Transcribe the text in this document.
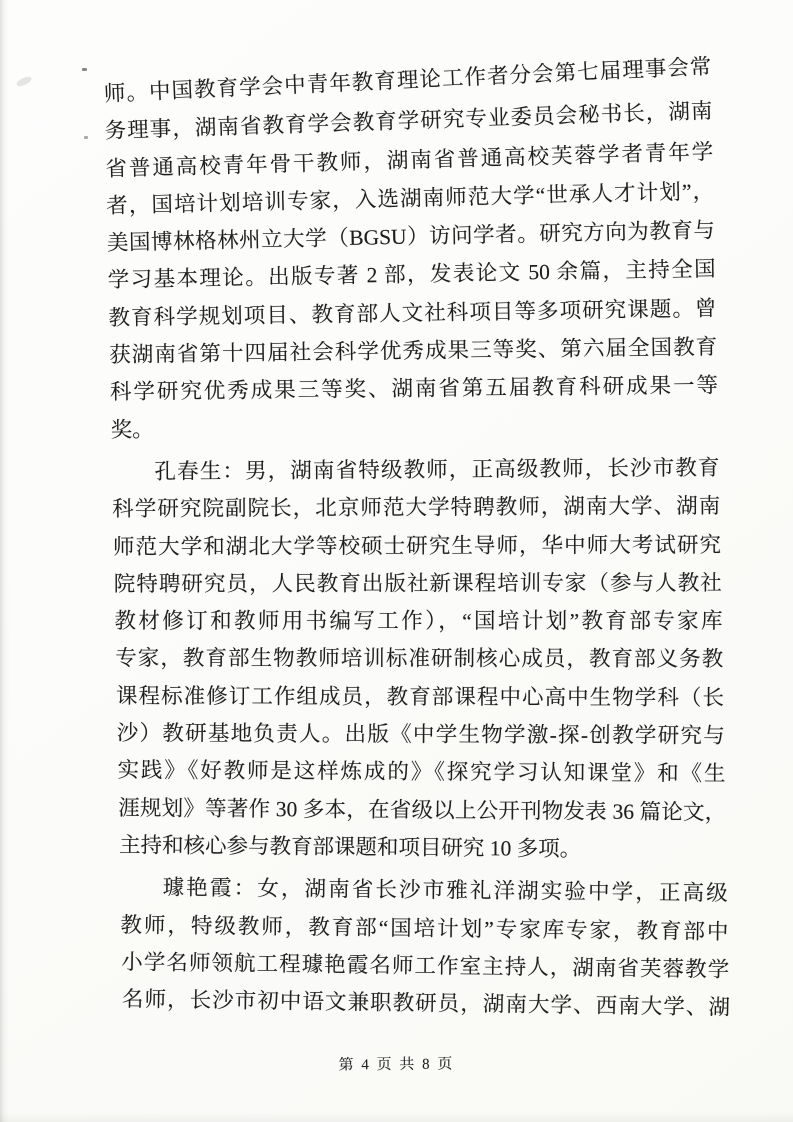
师。中国教育学会中青年教育理论工作者分会第七届理事会常
务理事，湖南省教育学会教育学研究专业委员会秘书长，湖南
省普通高校青年骨干教师，湖南省普通高校芙蓉学者青年学
者，国培计划培训专家，入选湖南师范大学“世承人才计划”，
美国博林格林州立大学（BGSU）访问学者。研究方向为教育与
学习基本理论。出版专著 2 部，发表论文 50 余篇，主持全国
教育科学规划项目、教育部人文社科项目等多项研究课题。曾
获湖南省第十四届社会科学优秀成果三等奖、第六届全国教育
科学研究优秀成果三等奖、湖南省第五届教育科研成果一等
奖。
孔春生：男，湖南省特级教师，正高级教师，长沙市教育
科学研究院副院长，北京师范大学特聘教师，湖南大学、湖南
师范大学和湖北大学等校硕士研究生导师，华中师大考试研究
院特聘研究员，人民教育出版社新课程培训专家（参与人教社
教材修订和教师用书编写工作），“国培计划”教育部专家库
专家，教育部生物教师培训标准研制核心成员，教育部义务教
课程标准修订工作组成员，教育部课程中心高中生物学科（长
沙）教研基地负责人。出版《中学生物学激-探-创教学研究与
实践》《好教师是这样炼成的》《探究学习认知课堂》和《生
涯规划》等著作 30 多本，在省级以上公开刊物发表 36 篇论文，
主持和核心参与教育部课题和项目研究 10 多项。
璩艳霞：女，湖南省长沙市雅礼洋湖实验中学，正高级
教师，特级教师，教育部“国培计划”专家库专家，教育部中
小学名师领航工程璩艳霞名师工作室主持人，湖南省芙蓉教学
名师，长沙市初中语文兼职教研员，湖南大学、西南大学、湖
第 4 页 共 8 页
